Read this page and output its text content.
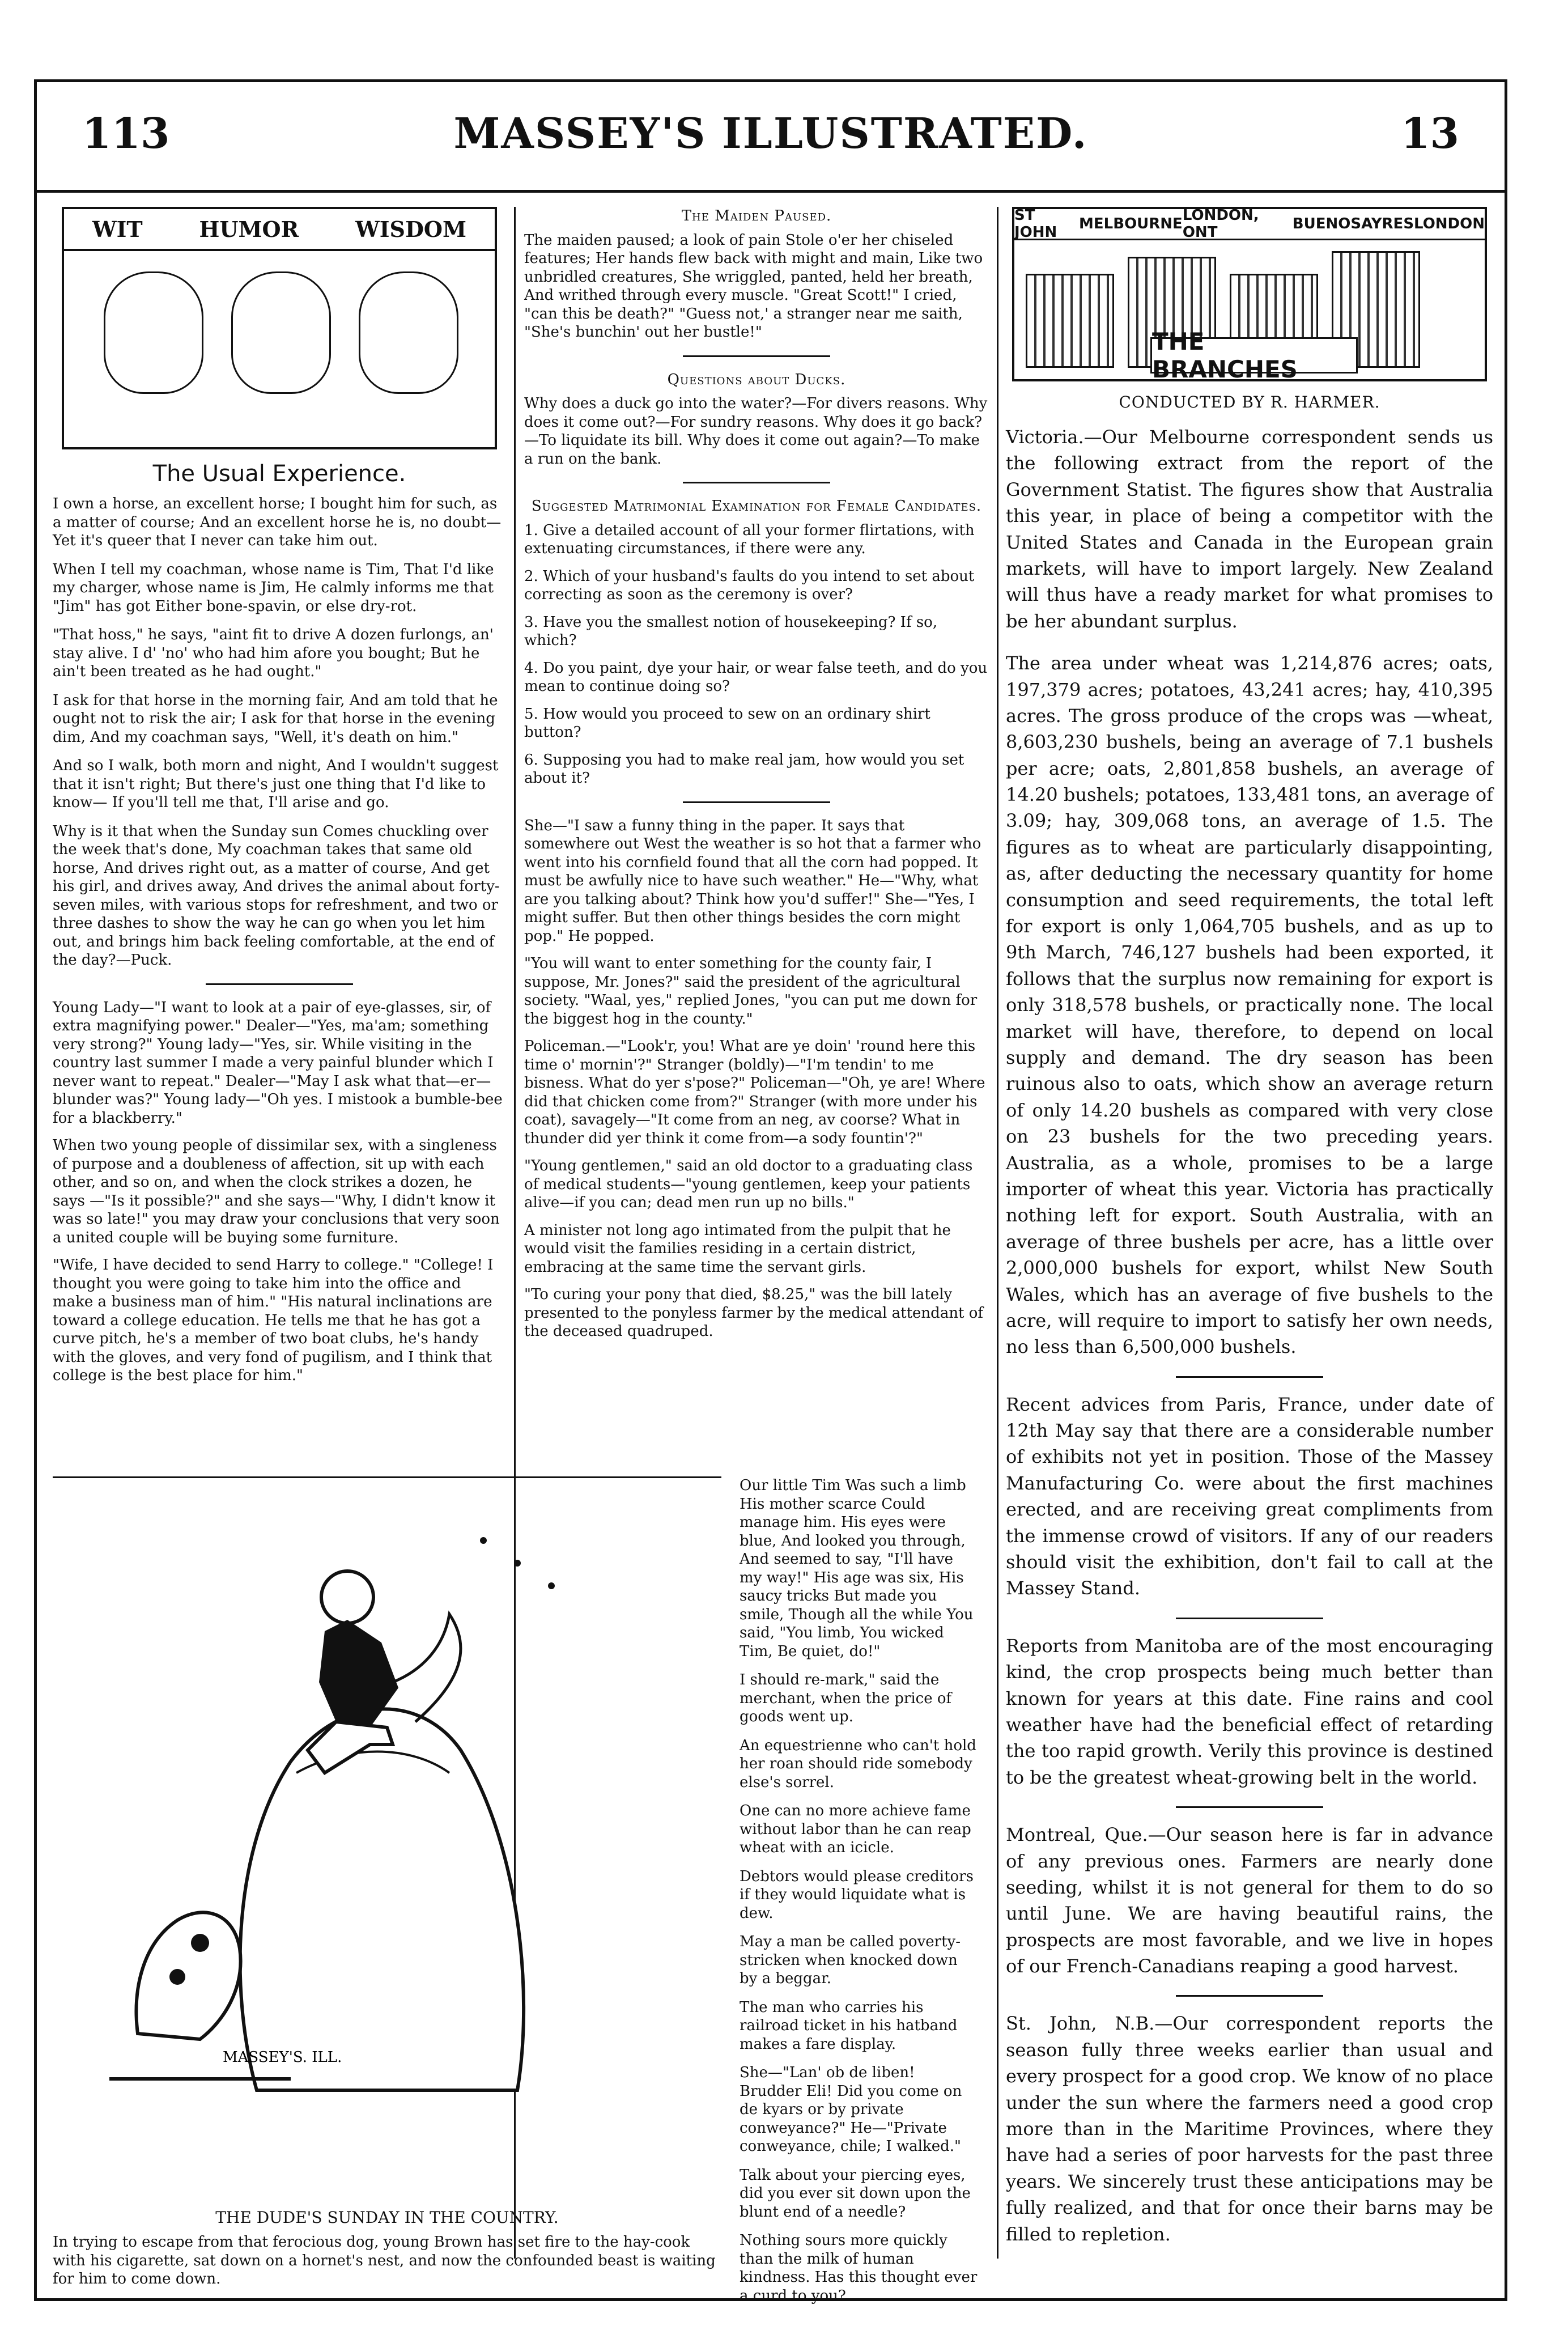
113	MASSEY'S ILLUSTRATED.	13
WIT	HUMOR	WISDOM
The Usual Experience.

I own a horse, an excellent horse; I bought him for such, as a matter of course; And an excellent horse he is, no doubt— Yet it's queer that I never can take him out.

When I tell my coachman, whose name is Tim, That I'd like my charger, whose name is Jim, He calmly informs me that "Jim" has got Either bone-spavin, or else dry-rot.

"That hoss," he says, "aint fit to drive A dozen furlongs, an' stay alive. I d' 'no' who had him afore you bought; But he ain't been treated as he had ought."

I ask for that horse in the morning fair, And am told that he ought not to risk the air; I ask for that horse in the evening dim, And my coachman says, "Well, it's death on him."

And so I walk, both morn and night, And I wouldn't suggest that it isn't right; But there's just one thing that I'd like to know— If you'll tell me that, I'll arise and go.

Why is it that when the Sunday sun Comes chuckling over the week that's done, My coachman takes that same old horse, And drives right out, as a matter of course, And get his girl, and drives away, And drives the animal about forty-seven miles, with various stops for refreshment, and two or three dashes to show the way he can go when you let him out, and brings him back feeling comfortable, at the end of the day?—Puck.

Young Lady—"I want to look at a pair of eye-glasses, sir, of extra magnifying power." Dealer—"Yes, ma'am; something very strong?" Young lady—"Yes, sir. While visiting in the country last summer I made a very painful blunder which I never want to repeat." Dealer—"May I ask what that—er—blunder was?" Young lady—"Oh yes. I mistook a bumble-bee for a blackberry."

When two young people of dissimilar sex, with a singleness of purpose and a doubleness of affection, sit up with each other, and so on, and when the clock strikes a dozen, he says —"Is it possible?" and she says—"Why, I didn't know it was so late!" you may draw your conclusions that very soon a united couple will be buying some furniture.

"Wife, I have decided to send Harry to college." "College! I thought you were going to take him into the office and make a business man of him." "His natural inclinations are toward a college education. He tells me that he has got a curve pitch, he's a member of two boat clubs, he's handy with the gloves, and very fond of pugilism, and I think that college is the best place for him."

The Maiden Paused.
The maiden paused; a look of pain Stole o'er her chiseled features; Her hands flew back with might and main, Like two unbridled creatures, She wriggled, panted, held her breath, And writhed through every muscle. "Great Scott!" I cried, "can this be death?" "Guess not,' a stranger near me saith, "She's bunchin' out her bustle!"
Questions about Ducks.
Why does a duck go into the water?—For divers reasons. Why does it come out?—For sundry reasons. Why does it go back?—To liquidate its bill. Why does it come out again?—To make a run on the bank.
Suggested Matrimonial Examination for Female Candidates.

1. Give a detailed account of all your former flirtations, with extenuating circumstances, if there were any.

2. Which of your husband's faults do you intend to set about correcting as soon as the ceremony is over?

3. Have you the smallest notion of housekeeping? If so, which?

4. Do you paint, dye your hair, or wear false teeth, and do you mean to continue doing so?

5. How would you proceed to sew on an ordinary shirt button?

6. Supposing you had to make real jam, how would you set about it?

She—"I saw a funny thing in the paper. It says that somewhere out West the weather is so hot that a farmer who went into his cornfield found that all the corn had popped. It must be awfully nice to have such weather." He—"Why, what are you talking about? Think how you'd suffer!" She—"Yes, I might suffer. But then other things besides the corn might pop." He popped.

"You will want to enter something for the county fair, I suppose, Mr. Jones?" said the president of the agricultural society. "Waal, yes," replied Jones, "you can put me down for the biggest hog in the county."

Policeman.—"Look'r, you! What are ye doin' 'round here this time o' mornin'?" Stranger (boldly)—"I'm tendin' to me bisness. What do yer s'pose?" Policeman—"Oh, ye are! Where did that chicken come from?" Stranger (with more under his coat), savagely—"It come from an neg, av coorse? What in thunder did yer think it come from—a sody fountin'?"

"Young gentlemen," said an old doctor to a graduating class of medical students—"young gentlemen, keep your patients alive—if you can; dead men run up no bills."

A minister not long ago intimated from the pulpit that he would visit the families residing in a certain district, embracing at the same time the servant girls.

"To curing your pony that died, $8.25," was the bill lately presented to the ponyless farmer by the medical attendant of the deceased quadruped.

ST JOHN	MELBOURNE LONDON, ONT	BUENOSAYRES LONDON
THE BRANCHES
CONDUCTED BY R. HARMER.

Victoria.—Our Melbourne correspondent sends us the following extract from the report of the Government Statist. The figures show that Australia this year, in place of being a competitor with the United States and Canada in the European grain markets, will have to import largely. New Zealand will thus have a ready market for what promises to be her abundant surplus.

The area under wheat was 1,214,876 acres; oats, 197,379 acres; potatoes, 43,241 acres; hay, 410,395 acres. The gross produce of the crops was —wheat, 8,603,230 bushels, being an average of 7.1 bushels per acre; oats, 2,801,858 bushels, an average of 14.20 bushels; potatoes, 133,481 tons, an average of 3.09; hay, 309,068 tons, an average of 1.5. The figures as to wheat are particularly disappointing, as, after deducting the necessary quantity for home consumption and seed requirements, the total left for export is only 1,064,705 bushels, and as up to 9th March, 746,127 bushels had been exported, it follows that the surplus now remaining for export is only 318,578 bushels, or practically none. The local market will have, therefore, to depend on local supply and demand. The dry season has been ruinous also to oats, which show an average return of only 14.20 bushels as compared with very close on 23 bushels for the two preceding years. Australia, as a whole, promises to be a large importer of wheat this year. Victoria has practically nothing left for export. South Australia, with an average of three bushels per acre, has a little over 2,000,000 bushels for export, whilst New South Wales, which has an average of five bushels to the acre, will require to import to satisfy her own needs, no less than 6,500,000 bushels.

Recent advices from Paris, France, under date of 12th May say that there are a considerable number of exhibits not yet in position. Those of the Massey Manufacturing Co. were about the first machines erected, and are receiving great compliments from the immense crowd of visitors. If any of our readers should visit the exhibition, don't fail to call at the Massey Stand.

Reports from Manitoba are of the most encouraging kind, the crop prospects being much better than known for years at this date. Fine rains and cool weather have had the beneficial effect of retarding the too rapid growth. Verily this province is destined to be the greatest wheat-growing belt in the world.

Montreal, Que.—Our season here is far in advance of any previous ones. Farmers are nearly done seeding, whilst it is not general for them to do so until June. We are having beautiful rains, the prospects are most favorable, and we live in hopes of our French-Canadians reaping a good harvest.

St. John, N.B.—Our correspondent reports the season fully three weeks earlier than usual and every prospect for a good crop. We know of no place under the sun where the farmers need a good crop more than in the Maritime Provinces, where they have had a series of poor harvests for the past three years. We sincerely trust these anticipations may be fully realized, and that for once their barns may be filled to repletion.

MASSEY'S. ILL.
THE DUDE'S SUNDAY IN THE COUNTRY.
In trying to escape from that ferocious dog, young Brown has set fire to the hay-cook with his cigarette, sat down on a hornet's nest, and now the confounded beast is waiting for him to come down.

Our little Tim Was such a limb His mother scarce Could manage him. His eyes were blue, And looked you through, And seemed to say, "I'll have my way!" His age was six, His saucy tricks But made you smile, Though all the while You said, "You limb, You wicked Tim, Be quiet, do!"

I should re-mark," said the merchant, when the price of goods went up.

An equestrienne who can't hold her roan should ride somebody else's sorrel.

One can no more achieve fame without labor than he can reap wheat with an icicle.

Debtors would please creditors if they would liquidate what is dew.

May a man be called poverty-stricken when knocked down by a beggar.

The man who carries his railroad ticket in his hatband makes a fare display.

She—"Lan' ob de liben! Brudder Eli! Did you come on de kyars or by private conweyance?" He—"Private conweyance, chile; I walked."

Talk about your piercing eyes, did you ever sit down upon the blunt end of a needle?

Nothing sours more quickly than the milk of human kindness. Has this thought ever a curd to you?
